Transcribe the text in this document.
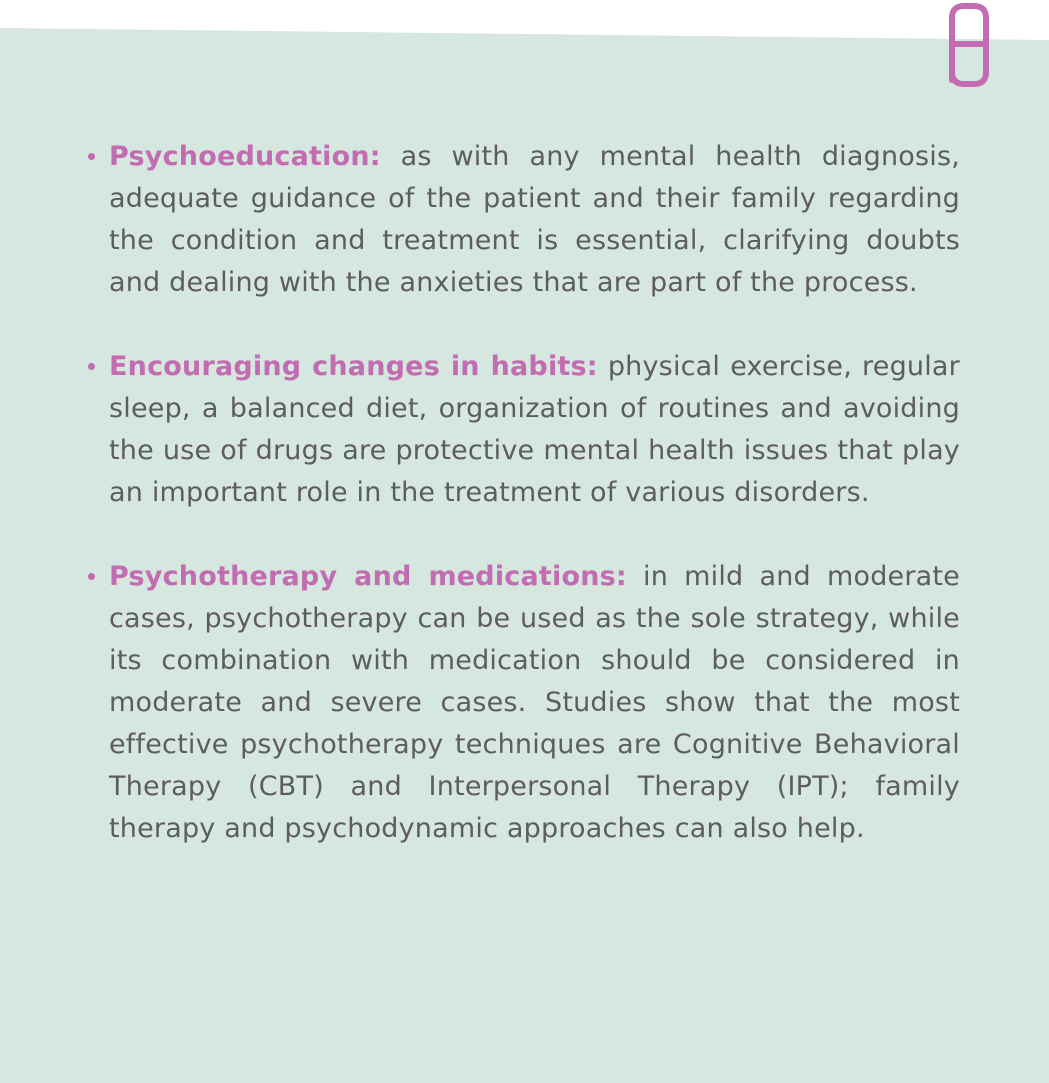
Psychoeducation: as with any mental health diagnosis, adequate guidance of the patient and their family regarding the condition and treatment is essential, clarifying doubts and dealing with the anxieties that are part of the process.
Encouraging changes in habits: physical exercise, regular sleep, a balanced diet, organization of routines and avoiding the use of drugs are protective mental health issues that play an important role in the treatment of various disorders.
Psychotherapy and medications: in mild and moderate cases, psychotherapy can be used as the sole strategy, while its combination with medication should be considered in moderate and severe cases. Studies show that the most effective psychotherapy techniques are Cognitive Behavioral Therapy (CBT) and Interpersonal Therapy (IPT); family therapy and psychodynamic approaches can also help.
